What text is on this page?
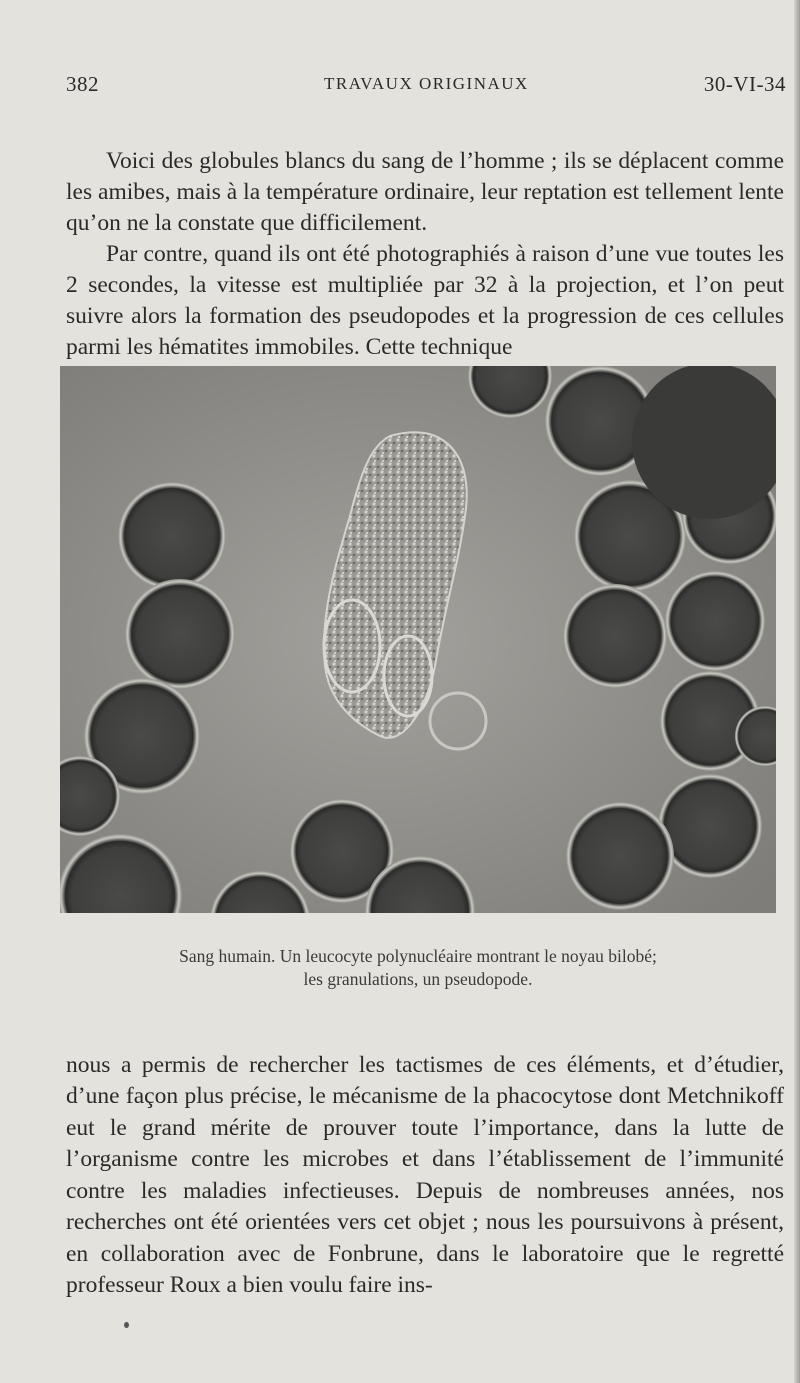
382	TRAVAUX ORIGINAUX	30-VI-34

Voici des globules blancs du sang de l’homme ; ils se déplacent comme les amibes, mais à la température ordinaire, leur reptation est tellement lente qu’on ne la constate que difficilement.

Par contre, quand ils ont été photographiés à raison d’une vue toutes les 2 secondes, la vitesse est multipliée par 32 à la projection, et l’on peut suivre alors la formation des pseudopodes et la progression de ces cellules parmi les hématites immobiles. Cette technique

Sang humain. Un leucocyte polynucléaire montrant le noyau bilobé;
les granulations, un pseudopode.

nous a permis de rechercher les tactismes de ces éléments, et d’étudier, d’une façon plus précise, le mécanisme de la phacocytose dont Metchnikoff eut le grand mérite de prouver toute l’importance, dans la lutte de l’organisme contre les microbes et dans l’établissement de l’immunité contre les maladies infectieuses. Depuis de nombreuses années, nos recherches ont été orientées vers cet objet ; nous les poursuivons à présent, en collaboration avec de Fonbrune, dans le laboratoire que le regretté professeur Roux a bien voulu faire ins-
